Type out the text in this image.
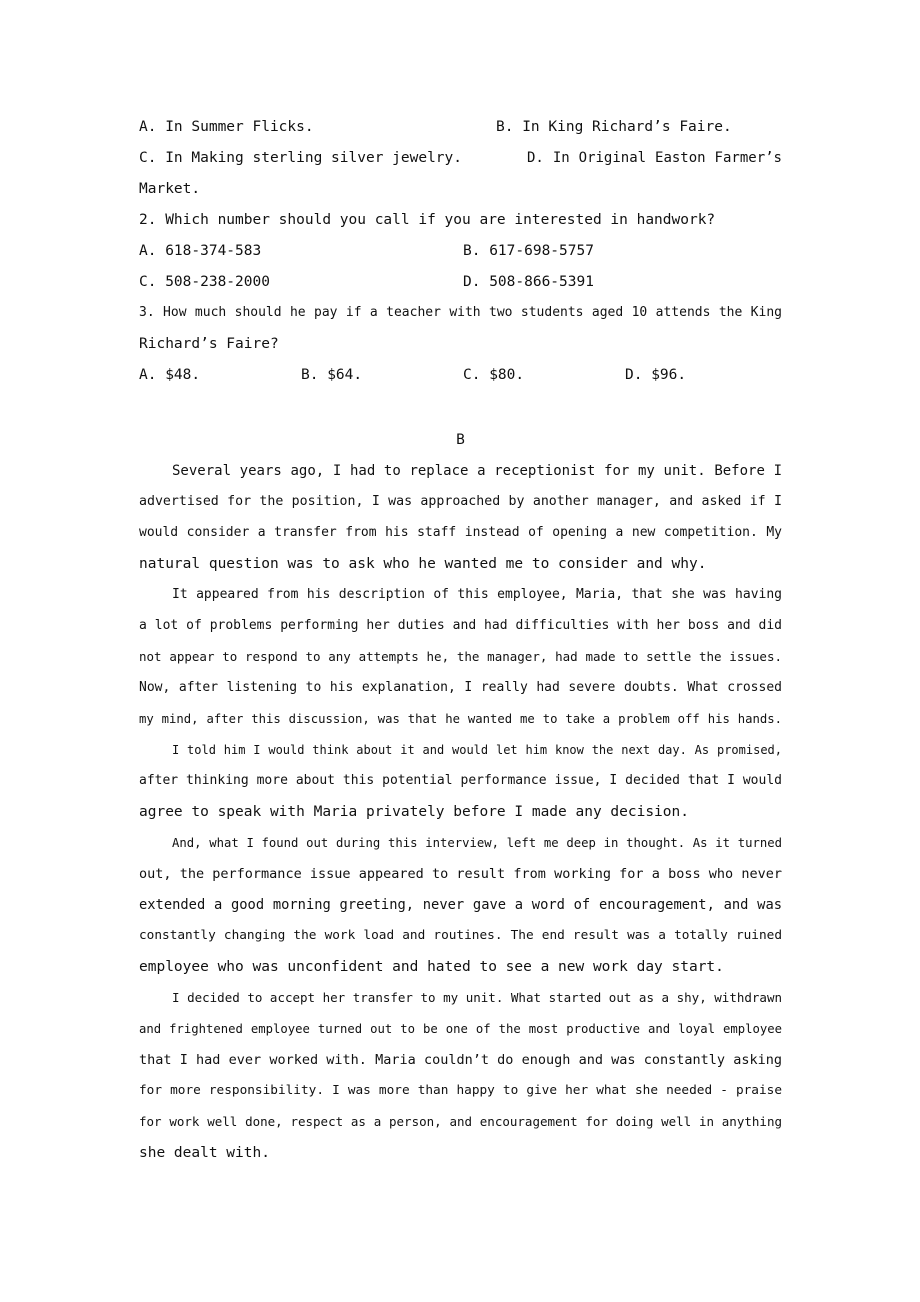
A. In Summer Flicks.	B. In King Richard’s Faire.
C. In Making sterling silver jewelry.	D. In Original Easton Farmer’s
Market.
2. Which number should you call if you are interested in handwork?
A. 618-374-583	B. 617-698-5757
C. 508-238-2000	D. 508-866-5391
3. How much should he pay if a teacher with two students aged 10 attends the King
Richard’s Faire?
A. $48.	B. $64.	C. $80.	D. $96.
B
Several years ago, I had to replace a receptionist for my unit. Before I
advertised for the position, I was approached by another manager, and asked if I
would consider a transfer from his staff instead of opening a new competition. My
natural question was to ask who he wanted me to consider and why.
It appeared from his description of this employee, Maria, that she was having
a lot of problems performing her duties and had difficulties with her boss and did
not appear to respond to any attempts he, the manager, had made to settle the issues.
Now, after listening to his explanation, I really had severe doubts. What crossed
my mind, after this discussion, was that he wanted me to take a problem off his hands.
I told him I would think about it and would let him know the next day. As promised,
after thinking more about this potential performance issue, I decided that I would
agree to speak with Maria privately before I made any decision.
And, what I found out during this interview, left me deep in thought. As it turned
out, the performance issue appeared to result from working for a boss who never
extended a good morning greeting, never gave a word of encouragement, and was
constantly changing the work load and routines. The end result was a totally ruined
employee who was unconfident and hated to see a new work day start.
I decided to accept her transfer to my unit. What started out as a shy, withdrawn
and frightened employee turned out to be one of the most productive and loyal employee
that I had ever worked with. Maria couldn’t do enough and was constantly asking
for more responsibility. I was more than happy to give her what she needed - praise
for work well done, respect as a person, and encouragement for doing well in anything
she dealt with.
